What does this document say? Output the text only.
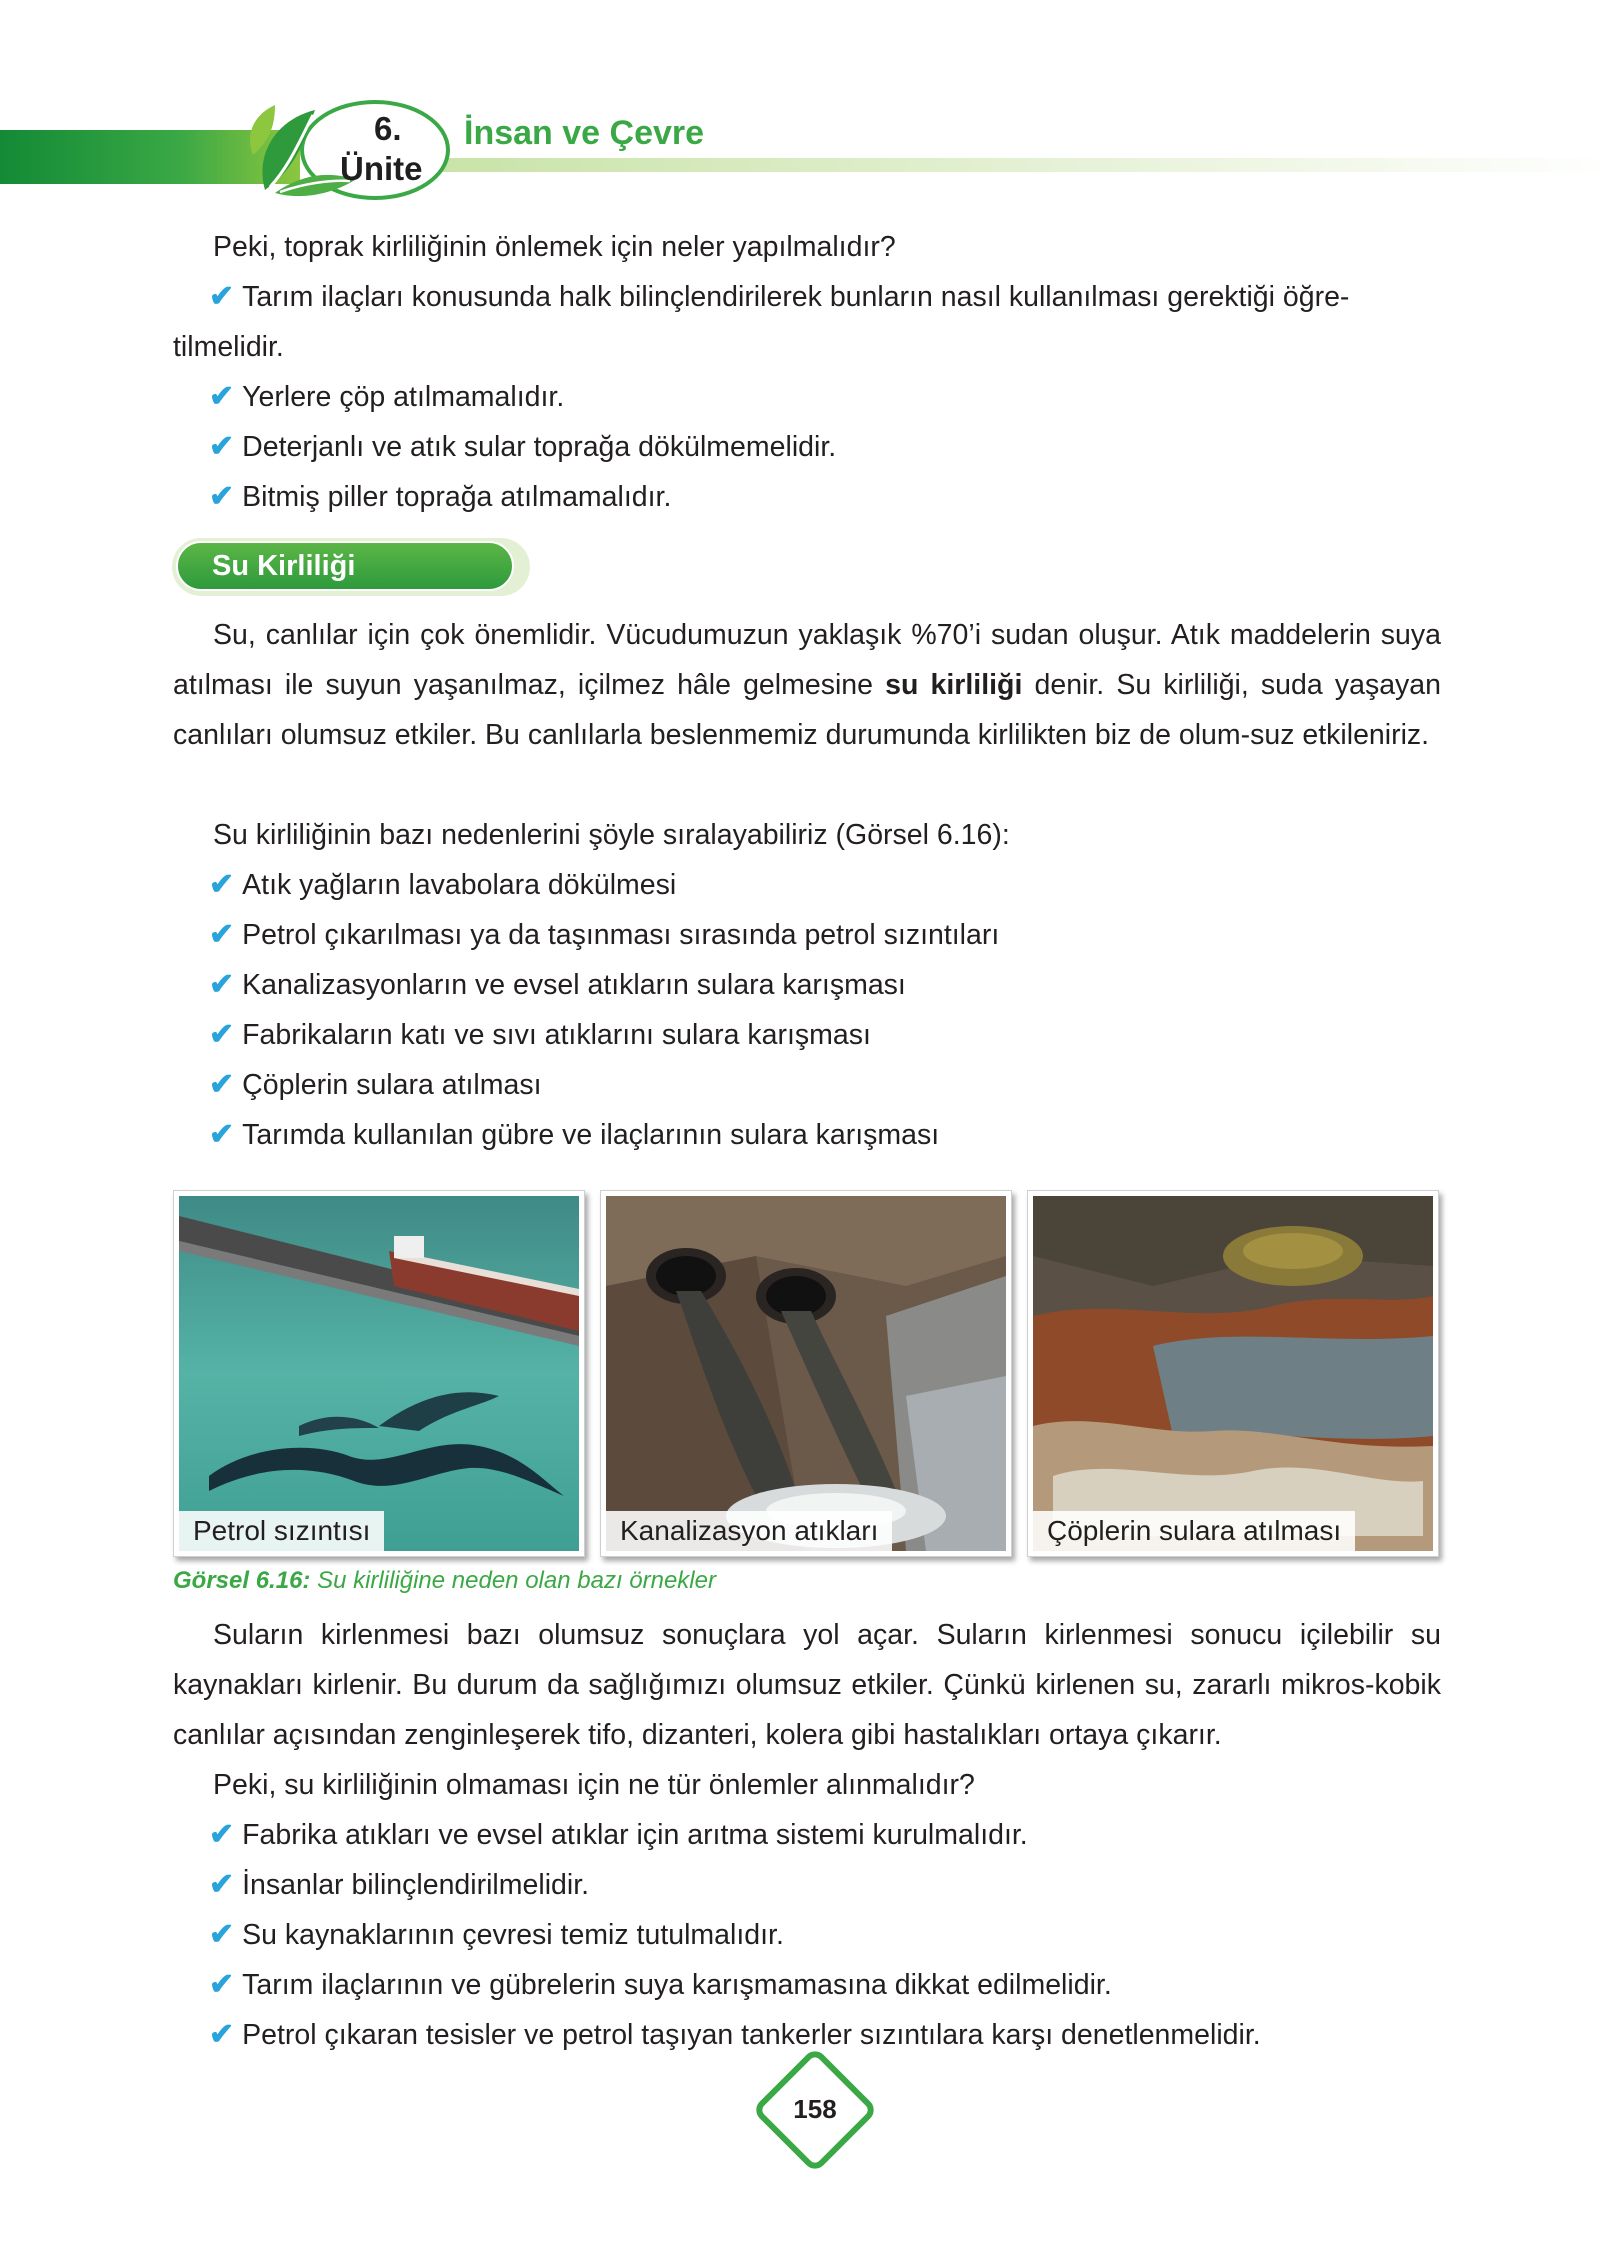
6.
Ünite
İnsan ve Çevre
Peki, toprak kirliliğinin önlemek için neler yapılmalıdır?
✔ Tarım ilaçları konusunda halk bilinçlendirilerek bunların nasıl kullanılması gerektiği öğre-
tilmelidir.
✔ Yerlere çöp atılmamalıdır.
✔ Deterjanlı ve atık sular toprağa dökülmemelidir.
✔ Bitmiş piller toprağa atılmamalıdır.
Su Kirliliği

Su, canlılar için çok önemlidir. Vücudumuzun yaklaşık %70’i sudan oluşur. Atık maddelerin suya atılması ile suyun yaşanılmaz, içilmez hâle gelmesine su kirliliği denir. Su kirliliği, suda yaşayan canlıları olumsuz etkiler. Bu canlılarla beslenmemiz durumunda kirlilikten biz de olum-suz etkileniriz.

Su kirliliğinin bazı nedenlerini şöyle sıralayabiliriz (Görsel 6.16):
✔ Atık yağların lavabolara dökülmesi
✔ Petrol çıkarılması ya da taşınması sırasında petrol sızıntıları
✔ Kanalizasyonların ve evsel atıkların sulara karışması
✔ Fabrikaların katı ve sıvı atıklarını sulara karışması
✔ Çöplerin sulara atılması
✔ Tarımda kullanılan gübre ve ilaçlarının sulara karışması
Petrol sızıntısı	Kanalizasyon atıkları	Çöplerin sulara atılması
Görsel 6.16: Su kirliliğine neden olan bazı örnekler

Suların kirlenmesi bazı olumsuz sonuçlara yol açar. Suların kirlenmesi sonucu içilebilir su kaynakları kirlenir. Bu durum da sağlığımızı olumsuz etkiler. Çünkü kirlenen su, zararlı mikros-kobik canlılar açısından zenginleşerek tifo, dizanteri, kolera gibi hastalıkları ortaya çıkarır.

Peki, su kirliliğinin olmaması için ne tür önlemler alınmalıdır?
✔ Fabrika atıkları ve evsel atıklar için arıtma sistemi kurulmalıdır.
✔ İnsanlar bilinçlendirilmelidir.
✔ Su kaynaklarının çevresi temiz tutulmalıdır.
✔ Tarım ilaçlarının ve gübrelerin suya karışmamasına dikkat edilmelidir.
✔ Petrol çıkaran tesisler ve petrol taşıyan tankerler sızıntılara karşı denetlenmelidir.
158
